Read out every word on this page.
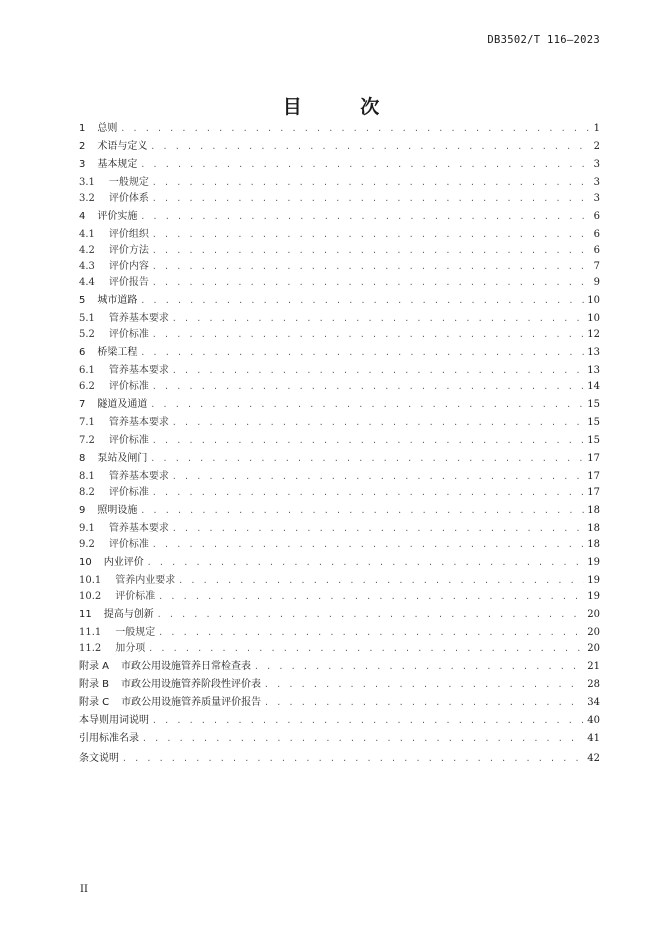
DB3502/T 116—2023
目 次
1 总则 . . .	1
2 术语与定义 . . .	2
3 基本规定 . . .	3
3.1 一般规定 . . .	3
3.2 评价体系 . . .	3
4 评价实施 . . .	6
4.1 评价组织 . . .	6
4.2 评价方法 . . .	6
4.3 评价内容 . . .	7
4.4 评价报告 . . .	9
5 城市道路 . . .	10
5.1 管养基本要求 . . .	10
5.2 评价标准 . . .	12
6 桥梁工程 . . .	13
6.1 管养基本要求 . . .	13
6.2 评价标准 . . .	14
7 隧道及通道 . . .	15
7.1 管养基本要求 . . .	15
7.2 评价标准 . . .	15
8 泵站及闸门 . . .	17
8.1 管养基本要求 . . .	17
8.2 评价标准 . . .	17
9 照明设施 . . .	18
9.1 管养基本要求 . . .	18
9.2 评价标准 . . .	18
10 内业评价 . . .	19
10.1 管养内业要求 . . .	19
10.2 评价标准 . . .	19
11 提高与创新 . . .	20
11.1 一般规定 . . .	20
11.2 加分项 . . .	20
附录 A 市政公用设施管养日常检查表 . . .	21
附录 B 市政公用设施管养阶段性评价表 . . .	28
附录 C 市政公用设施管养质量评价报告 . . .	34
本导则用词说明 . . .	40
引用标准名录 . . .	41
条文说明 . . .	42
II
